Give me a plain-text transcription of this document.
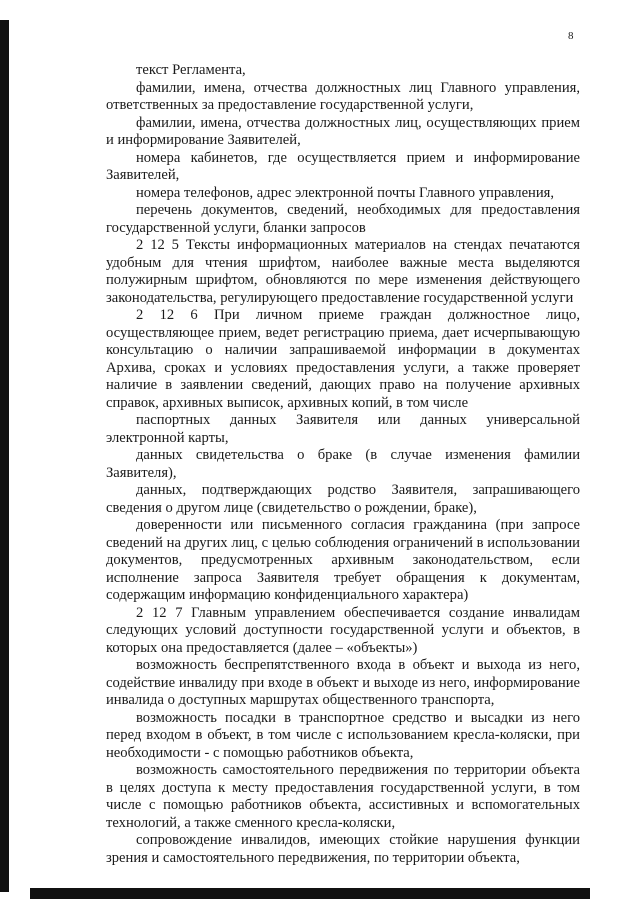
8

текст Регламента,

фамилии, имена, отчества должностных лиц Главного управления, ответственных за предоставление государственной услуги,

фамилии, имена, отчества должностных лиц, осуществляющих прием и информирование Заявителей,

номера кабинетов, где осуществляется прием и информирование Заявителей,

номера телефонов, адрес электронной почты Главного управления,

перечень документов, сведений, необходимых для предоставления государственной услуги, бланки запросов

2 12 5 Тексты информационных материалов на стендах печатаются удобным для чтения шрифтом, наиболее важные места выделяются полужирным шрифтом, обновляются по мере изменения действующего законодательства, регулирующего предоставление государственной услуги

2 12 6 При личном приеме граждан должностное лицо, осуществляющее прием, ведет регистрацию приема, дает исчерпывающую консультацию о наличии запрашиваемой информации в документах Архива, сроках и условиях предоставления услуги, а также проверяет наличие в заявлении сведений, дающих право на получение архивных справок, архивных выписок, архивных копий, в том числе

паспортных данных Заявителя или данных универсальной электронной карты,

данных свидетельства о браке (в случае изменения фамилии Заявителя),

данных, подтверждающих родство Заявителя, запрашивающего сведения о другом лице (свидетельство о рождении, браке),

доверенности или письменного согласия гражданина (при запросе сведений на других лиц, с целью соблюдения ограничений в использовании документов, предусмотренных архивным законодательством, если исполнение запроса Заявителя требует обращения к документам, содержащим информацию конфиденциального характера)

2 12 7 Главным управлением обеспечивается создание инвалидам следующих условий доступности государственной услуги и объектов, в которых она предоставляется (далее – «объекты»)

возможность беспрепятственного входа в объект и выхода из него, содействие инвалиду при входе в объект и выходе из него, информирование инвалида о доступных маршрутах общественного транспорта,

возможность посадки в транспортное средство и высадки из него перед входом в объект, в том числе с использованием кресла-коляски, при необходимости - с помощью работников объекта,

возможность самостоятельного передвижения по территории объекта в целях доступа к месту предоставления государственной услуги, в том числе с помощью работников объекта, ассистивных и вспомогательных технологий, а также сменного кресла-коляски,

сопровождение инвалидов, имеющих стойкие нарушения функции зрения и самостоятельного передвижения, по территории объекта,
